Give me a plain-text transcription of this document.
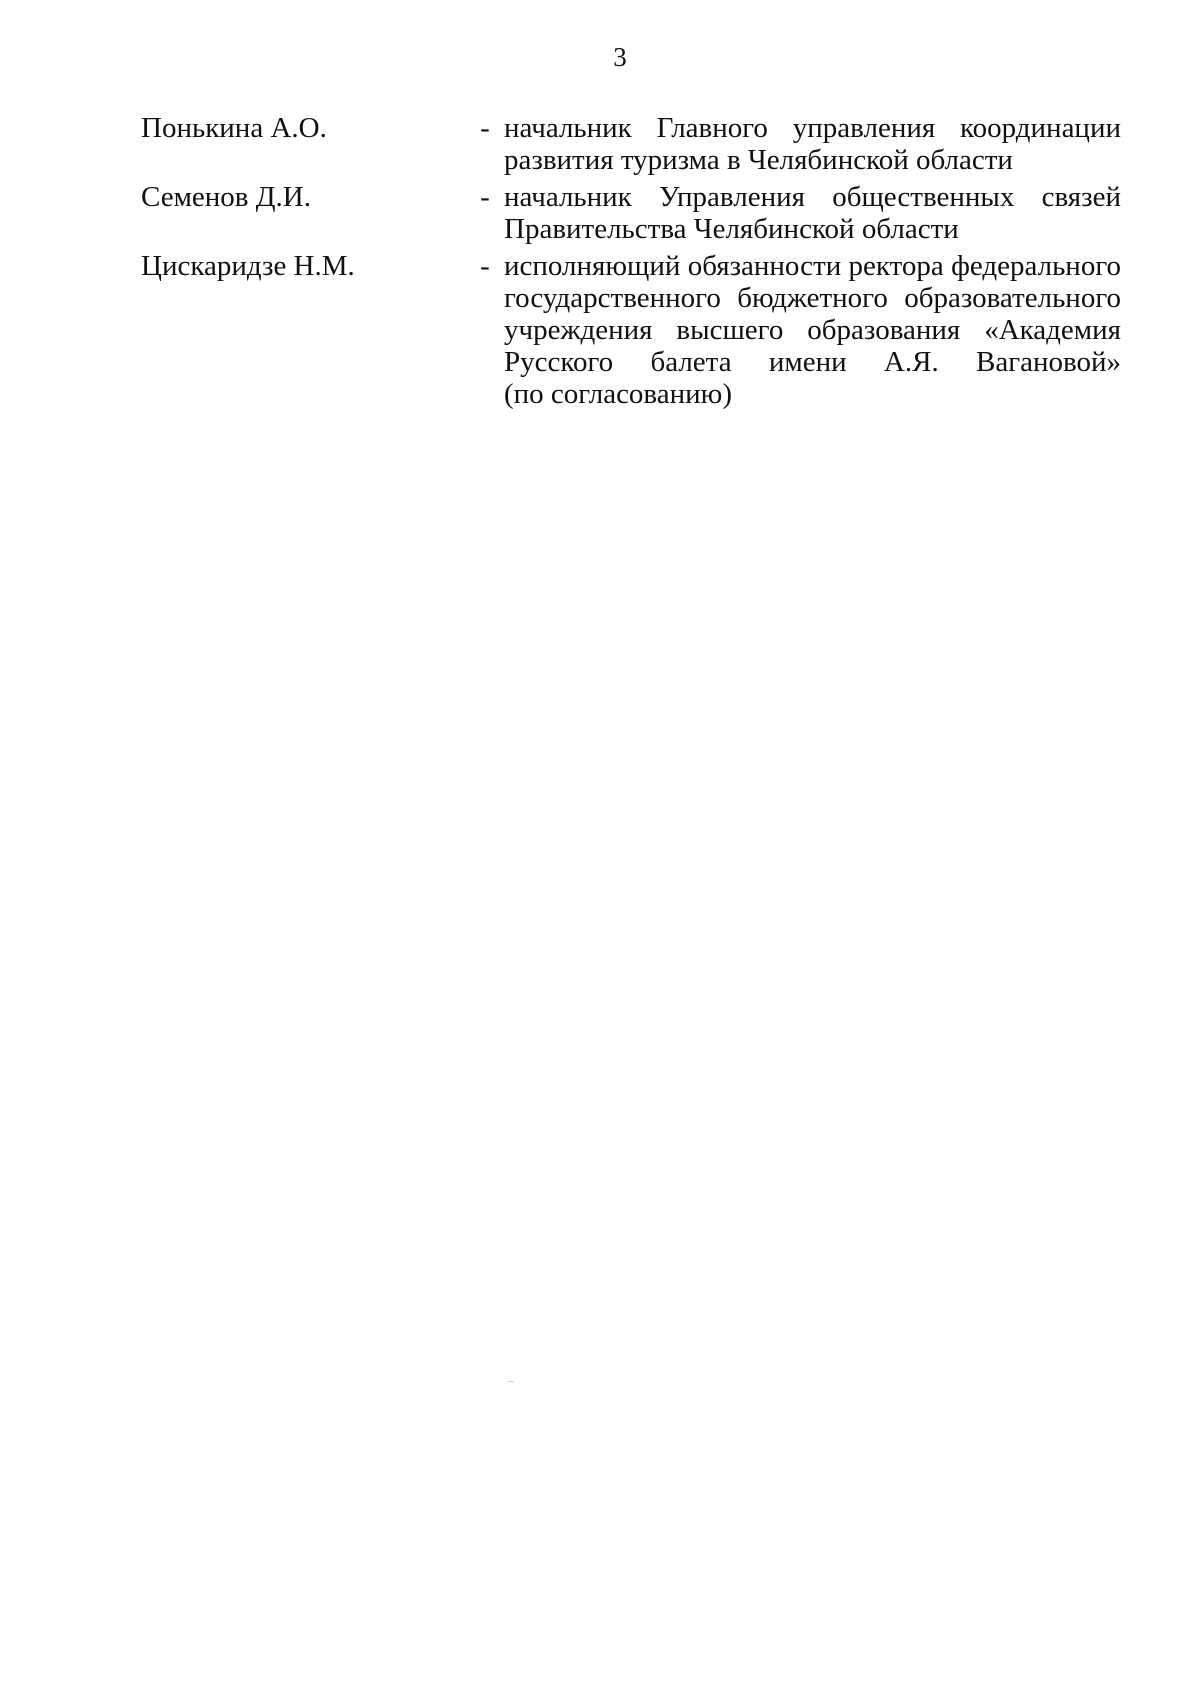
3
Понькина А.О.	- начальник Главного управления координации
развития туризма в Челябинской области
Семенов Д.И.	- начальник Управления общественных связей
Правительства Челябинской области
Цискаридзе Н.М.	- исполняющий обязанности ректора федерального
государственного бюджетного образовательного
учреждения высшего образования «Академия
Русского балета имени А.Я. Вагановой»
(по согласованию)
